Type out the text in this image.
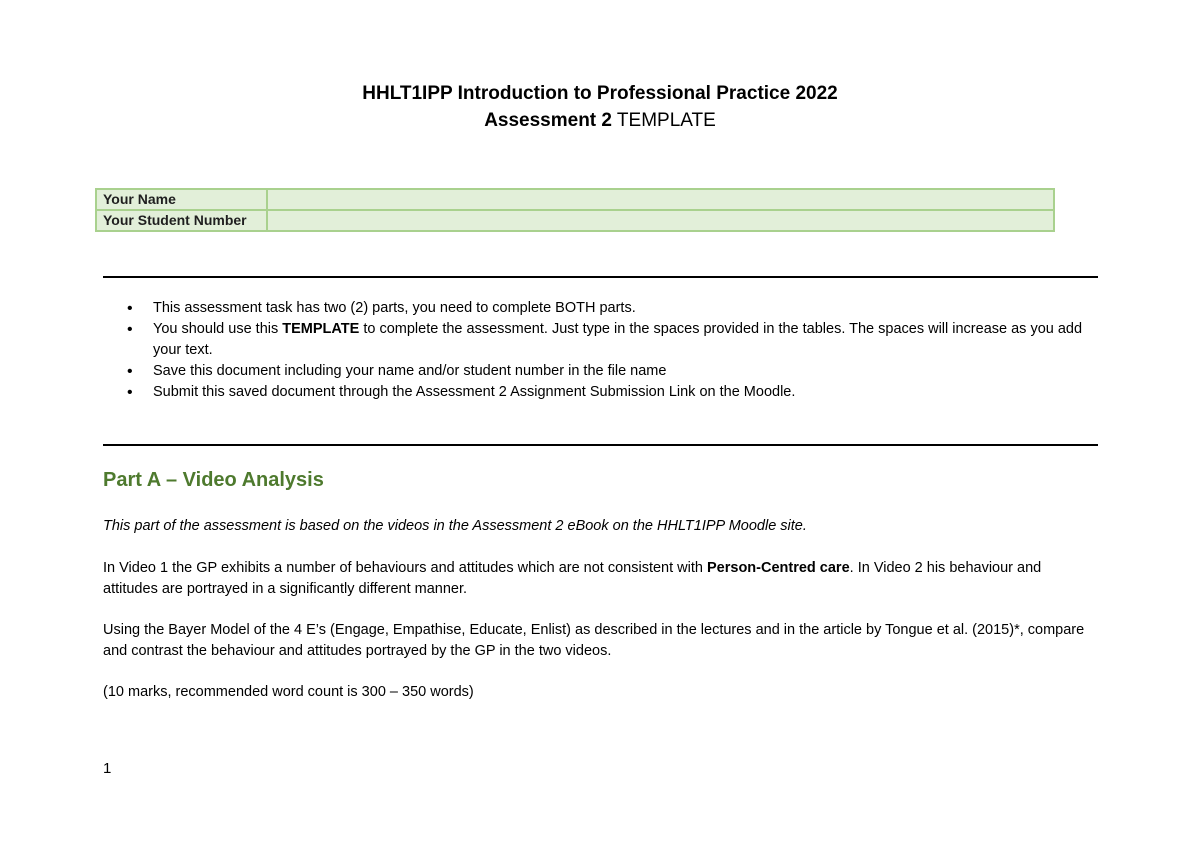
HHLT1IPP Introduction to Professional Practice 2022
Assessment 2 TEMPLATE
Your Name	
Your Student Number	
• This assessment task has two (2) parts, you need to complete BOTH parts.
• You should use this TEMPLATE to complete the assessment. Just type in the spaces provided in the tables. The spaces will increase as you add your text.
• Save this document including your name and/or student number in the file name
• Submit this saved document through the Assessment 2 Assignment Submission Link on the Moodle.
Part A – Video Analysis

This part of the assessment is based on the videos in the Assessment 2 eBook on the HHLT1IPP Moodle site.

In Video 1 the GP exhibits a number of behaviours and attitudes which are not consistent with Person-Centred care. In Video 2 his behaviour and attitudes are portrayed in a significantly different manner.

Using the Bayer Model of the 4 E’s (Engage, Empathise, Educate, Enlist) as described in the lectures and in the article by Tongue et al. (2015)*, compare and contrast the behaviour and attitudes portrayed by the GP in the two videos.

(10 marks, recommended word count is 300 – 350 words)

1
